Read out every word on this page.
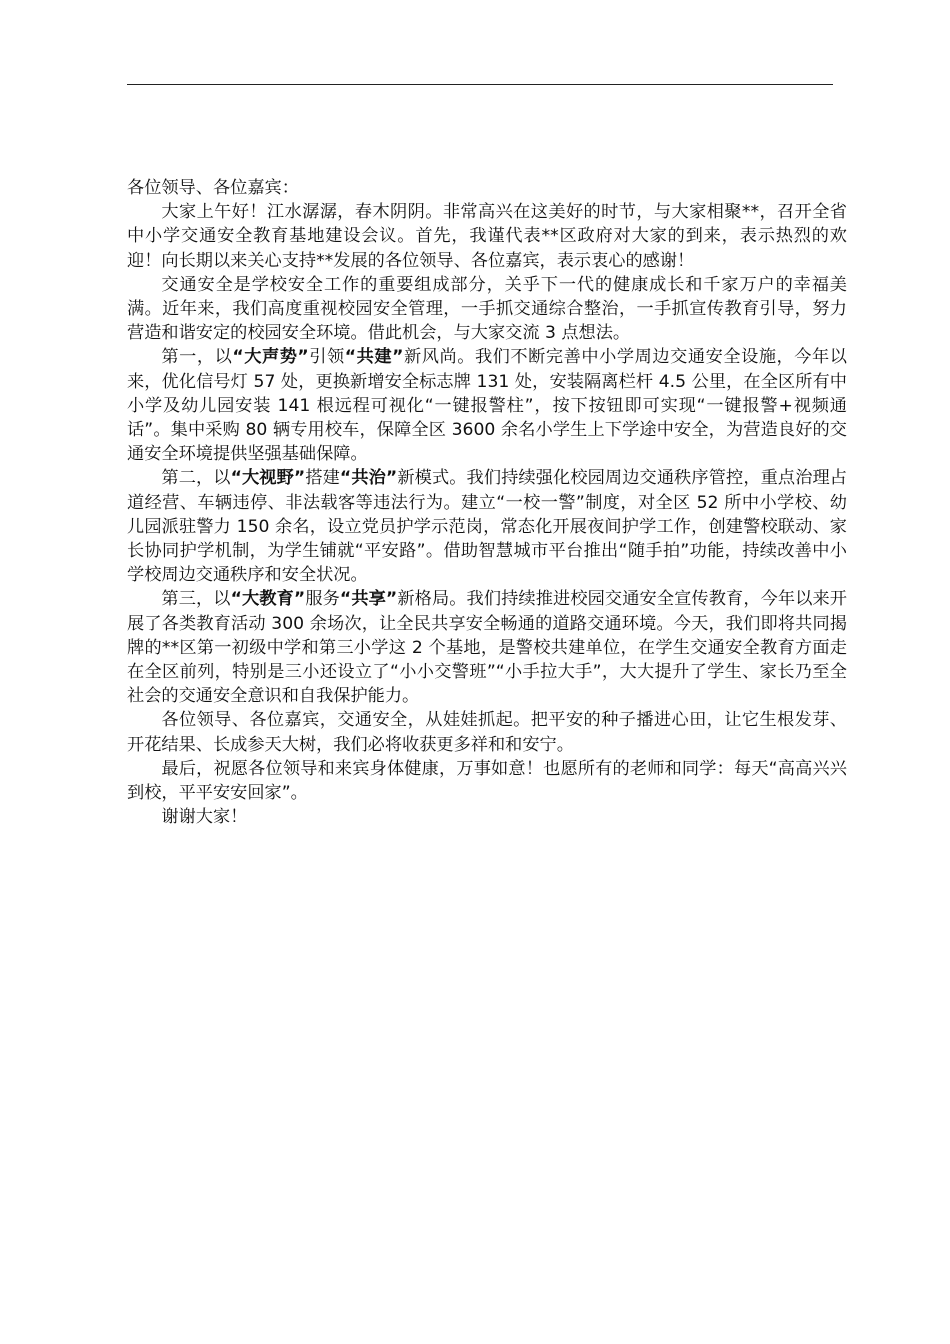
各位领导、各位嘉宾：

大家上午好！江水潺潺，春木阴阴。非常高兴在这美好的时节，与大家相聚**，召开全省中小学交通安全教育基地建设会议。首先，我谨代表**区政府对大家的到来，表示热烈的欢迎！向长期以来关心支持**发展的各位领导、各位嘉宾，表示衷心的感谢！

交通安全是学校安全工作的重要组成部分，关乎下一代的健康成长和千家万户的幸福美满。近年来，我们高度重视校园安全管理，一手抓交通综合整治，一手抓宣传教育引导，努力营造和谐安定的校园安全环境。借此机会，与大家交流 3 点想法。

第一，以“大声势”引领“共建”新风尚。我们不断完善中小学周边交通安全设施，今年以来，优化信号灯 57 处，更换新增安全标志牌 131 处，安装隔离栏杆 4.5 公里，在全区所有中小学及幼儿园安装 141 根远程可视化“一键报警柱”，按下按钮即可实现“一键报警+视频通话”。集中采购 80 辆专用校车，保障全区 3600 余名小学生上下学途中安全，为营造良好的交通安全环境提供坚强基础保障。

第二，以“大视野”搭建“共治”新模式。我们持续强化校园周边交通秩序管控，重点治理占道经营、车辆违停、非法载客等违法行为。建立“一校一警”制度，对全区 52 所中小学校、幼儿园派驻警力 150 余名，设立党员护学示范岗，常态化开展夜间护学工作，创建警校联动、家长协同护学机制，为学生铺就“平安路”。借助智慧城市平台推出“随手拍”功能，持续改善中小学校周边交通秩序和安全状况。

第三，以“大教育”服务“共享”新格局。我们持续推进校园交通安全宣传教育，今年以来开展了各类教育活动 300 余场次，让全民共享安全畅通的道路交通环境。今天，我们即将共同揭牌的**区第一初级中学和第三小学这 2 个基地，是警校共建单位，在学生交通安全教育方面走在全区前列，特别是三小还设立了“小小交警班”“小手拉大手”，大大提升了学生、家长乃至全社会的交通安全意识和自我保护能力。

各位领导、各位嘉宾，交通安全，从娃娃抓起。把平安的种子播进心田，让它生根发芽、开花结果、长成参天大树，我们必将收获更多祥和和安宁。

最后，祝愿各位领导和来宾身体健康，万事如意！也愿所有的老师和同学：每天“高高兴兴到校，平平安安回家”。

谢谢大家！
